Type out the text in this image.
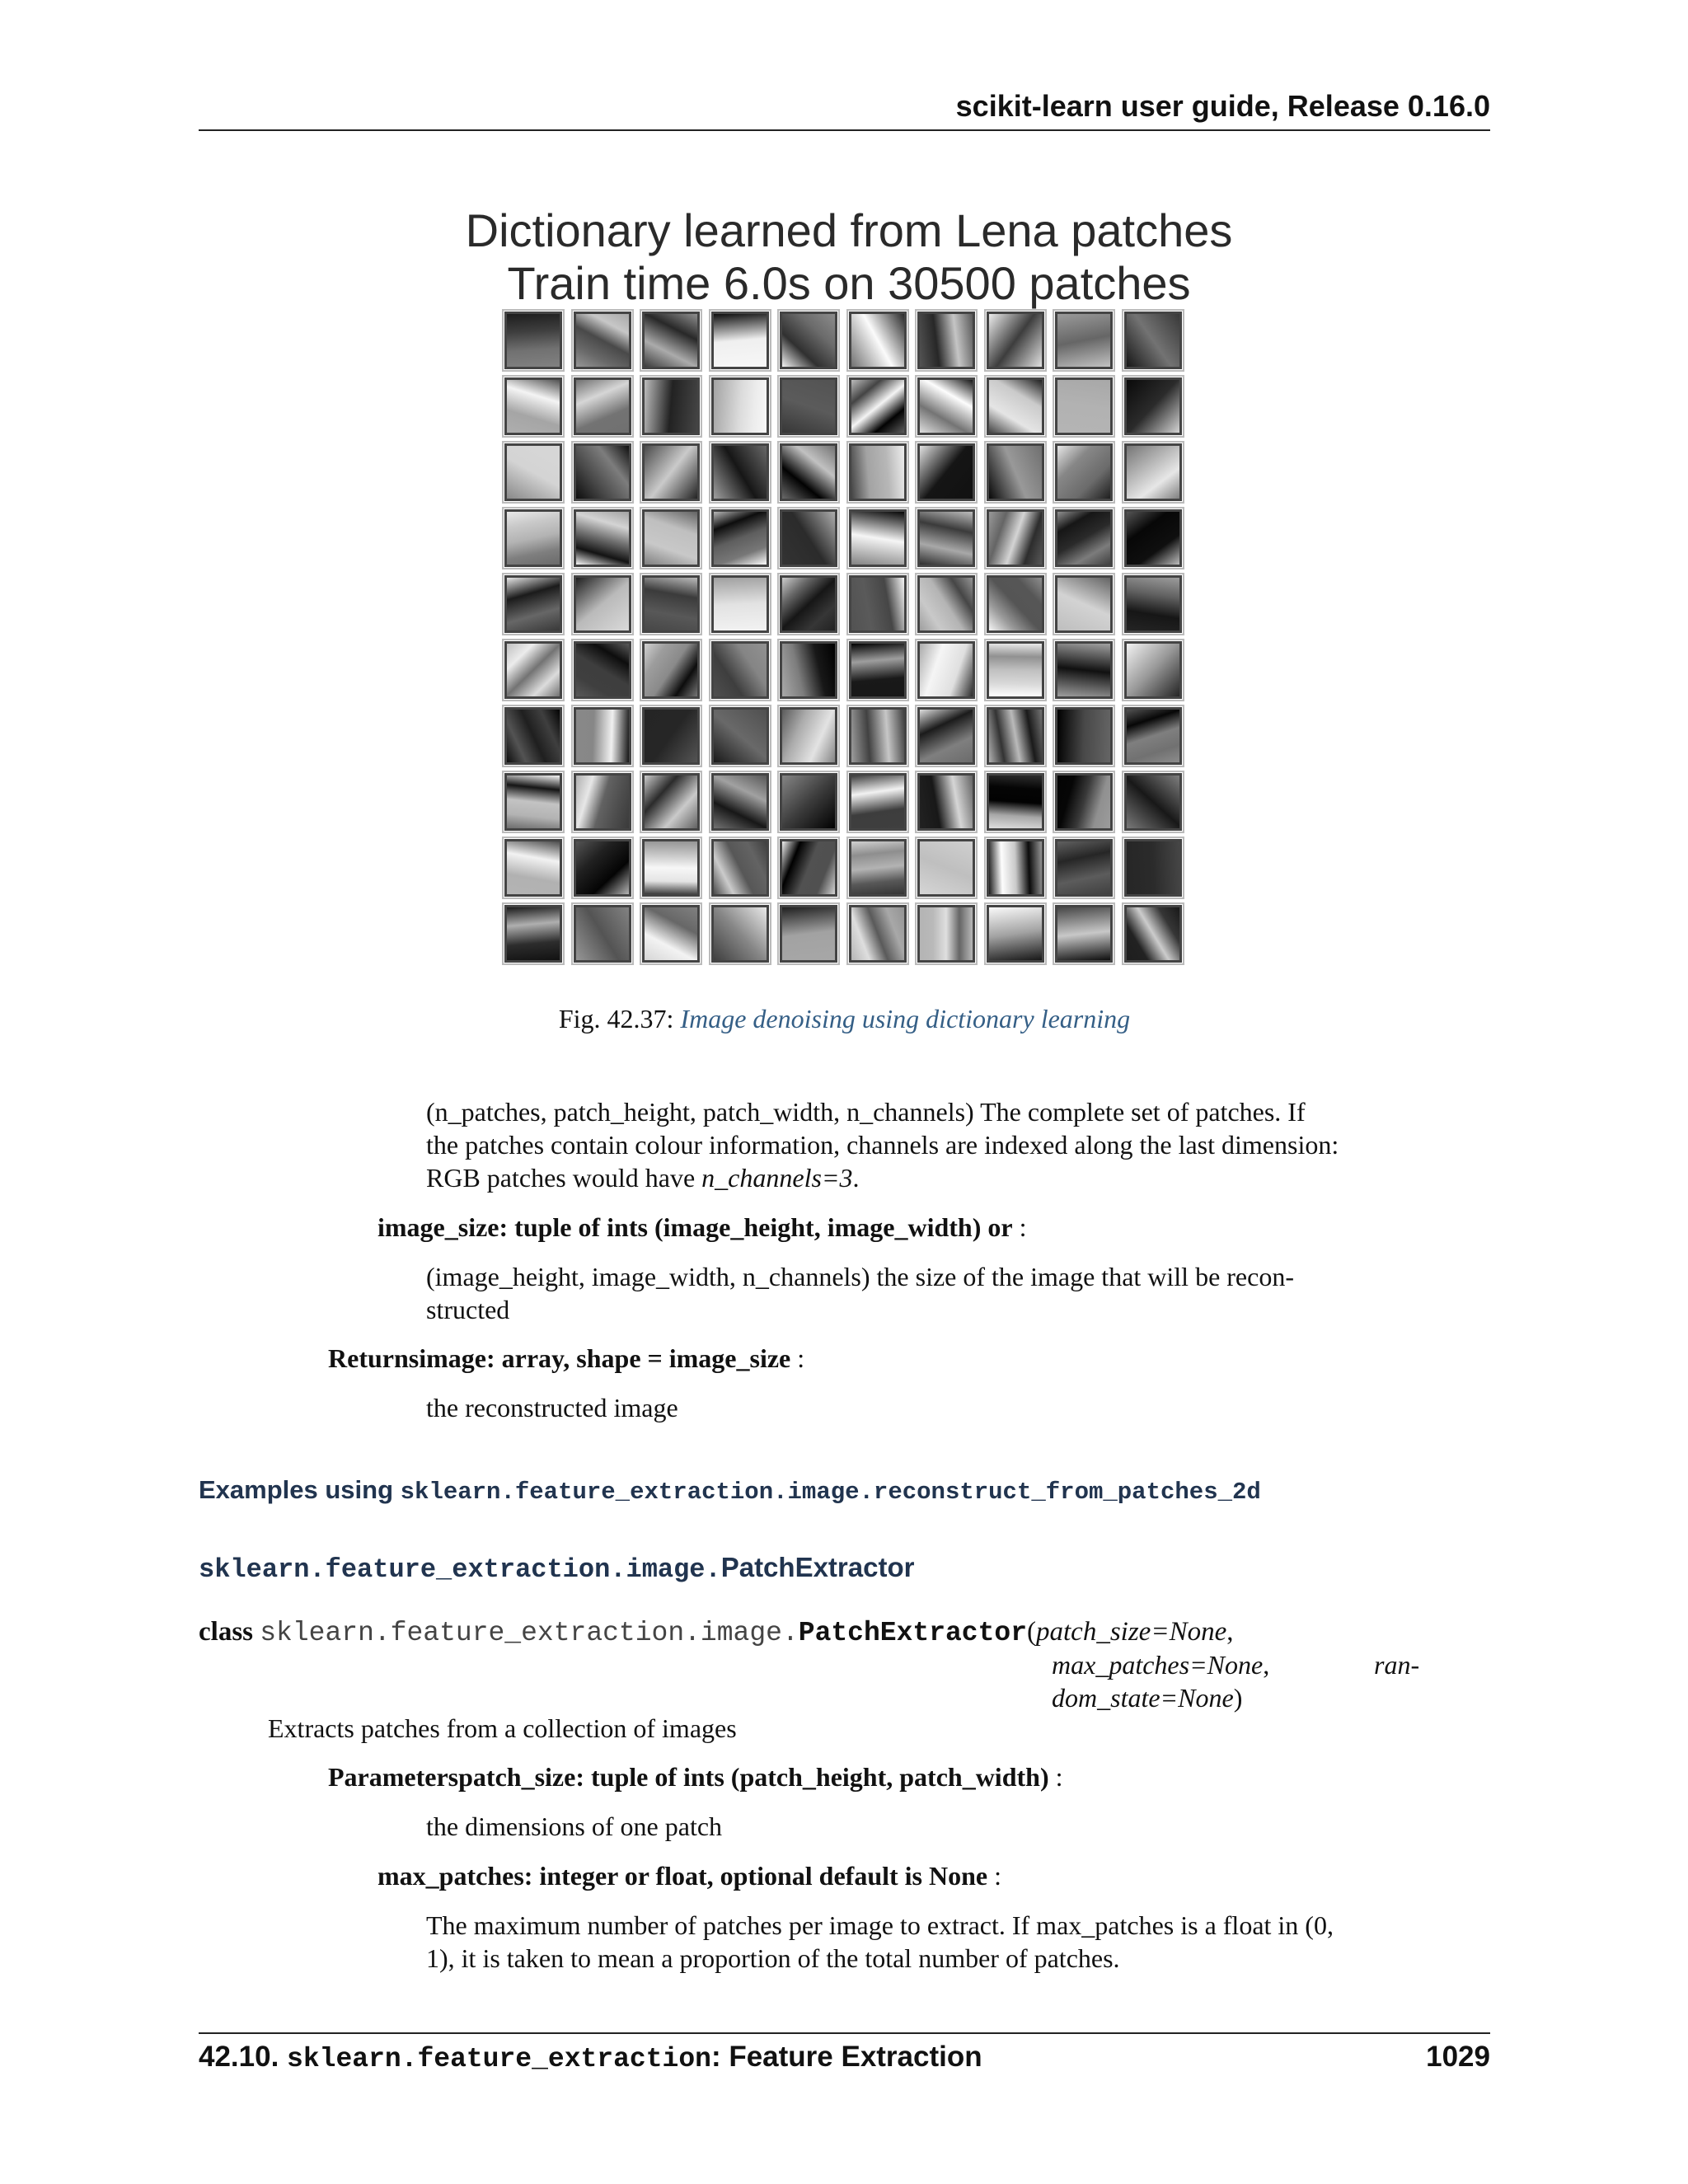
scikit-learn user guide, Release 0.16.0
Dictionary learned from Lena patches
Train time 6.0s on 30500 patches
Fig. 42.37: Image denoising using dictionary learning
(n_patches, patch_height, patch_width, n_channels) The complete set of patches. If
the patches contain colour information, channels are indexed along the last dimension:
RGB patches would have n_channels=3.
image_size: tuple of ints (image_height, image_width) or :
(image_height, image_width, n_channels) the size of the image that will be recon-
structed
Returnsimage: array, shape = image_size :
the reconstructed image
Examples using sklearn.feature_extraction.image.reconstruct_from_patches_2d
sklearn.feature_extraction.image.PatchExtractor
class sklearn.feature_extraction.image.PatchExtractor(patch_size=None,
max_patches=None,	ran-
dom_state=None)
Extracts patches from a collection of images
Parameterspatch_size: tuple of ints (patch_height, patch_width) :
the dimensions of one patch
max_patches: integer or float, optional default is None :
The maximum number of patches per image to extract. If max_patches is a float in (0,
1), it is taken to mean a proportion of the total number of patches.
42.10. sklearn.feature_extraction: Feature Extraction	1029
